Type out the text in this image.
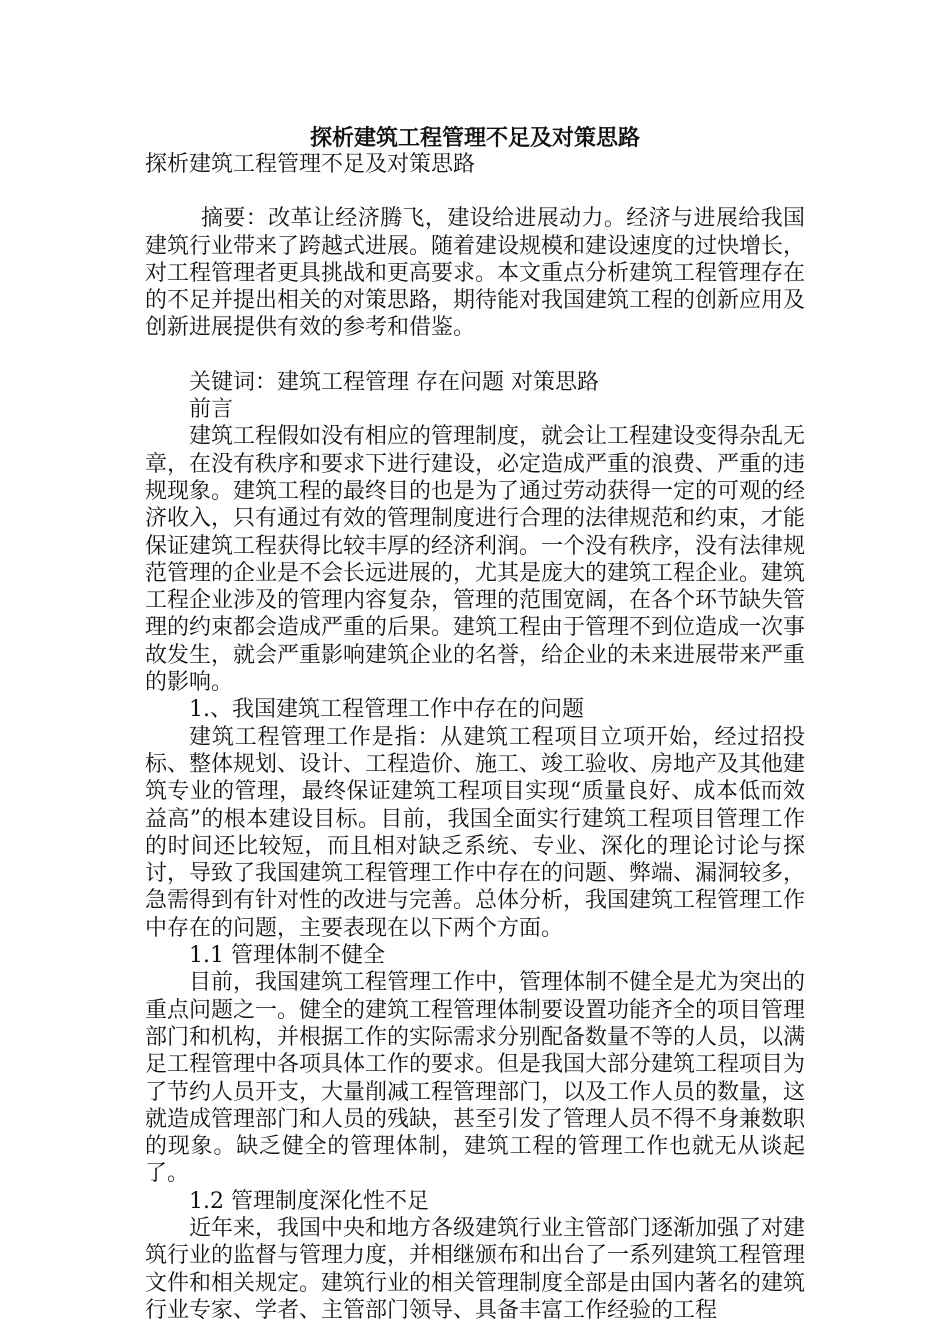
探析建筑工程管理不足及对策思路

探析建筑工程管理不足及对策思路

摘要：改革让经济腾飞，建设给进展动力。经济与进展给我国建筑行业带来了跨越式进展。随着建设规模和建设速度的过快增长，对工程管理者更具挑战和更高要求。本文重点分析建筑工程管理存在的不足并提出相关的对策思路，期待能对我国建筑工程的创新应用及创新进展提供有效的参考和借鉴。

关键词：建筑工程管理 存在问题 对策思路

前言

建筑工程假如没有相应的管理制度，就会让工程建设变得杂乱无章，在没有秩序和要求下进行建设，必定造成严重的浪费、严重的违规现象。建筑工程的最终目的也是为了通过劳动获得一定的可观的经济收入，只有通过有效的管理制度进行合理的法律规范和约束，才能保证建筑工程获得比较丰厚的经济利润。一个没有秩序，没有法律规范管理的企业是不会长远进展的，尤其是庞大的建筑工程企业。建筑工程企业涉及的管理内容复杂，管理的范围宽阔，在各个环节缺失管理的约束都会造成严重的后果。建筑工程由于管理不到位造成一次事故发生，就会严重影响建筑企业的名誉，给企业的未来进展带来严重的影响。

1.、我国建筑工程管理工作中存在的问题

建筑工程管理工作是指：从建筑工程项目立项开始，经过招投标、整体规划、设计、工程造价、施工、竣工验收、房地产及其他建筑专业的管理，最终保证建筑工程项目实现“质量良好、成本低而效益高”的根本建设目标。目前，我国全面实行建筑工程项目管理工作的时间还比较短，而且相对缺乏系统、专业、深化的理论讨论与探讨，导致了我国建筑工程管理工作中存在的问题、弊端、漏洞较多，急需得到有针对性的改进与完善。总体分析，我国建筑工程管理工作中存在的问题，主要表现在以下两个方面。

1.1 管理体制不健全

目前，我国建筑工程管理工作中，管理体制不健全是尤为突出的重点问题之一。健全的建筑工程管理体制要设置功能齐全的项目管理部门和机构，并根据工作的实际需求分别配备数量不等的人员，以满足工程管理中各项具体工作的要求。但是我国大部分建筑工程项目为了节约人员开支，大量削减工程管理部门，以及工作人员的数量，这就造成管理部门和人员的残缺，甚至引发了管理人员不得不身兼数职的现象。缺乏健全的管理体制，建筑工程的管理工作也就无从谈起了。

1.2 管理制度深化性不足

近年来，我国中央和地方各级建筑行业主管部门逐渐加强了对建筑行业的监督与管理力度，并相继颁布和出台了一系列建筑工程管理文件和相关规定。建筑行业的相关管理制度全部是由国内著名的建筑行业专家、学者、主管部门领导、具备丰富工作经验的工程
